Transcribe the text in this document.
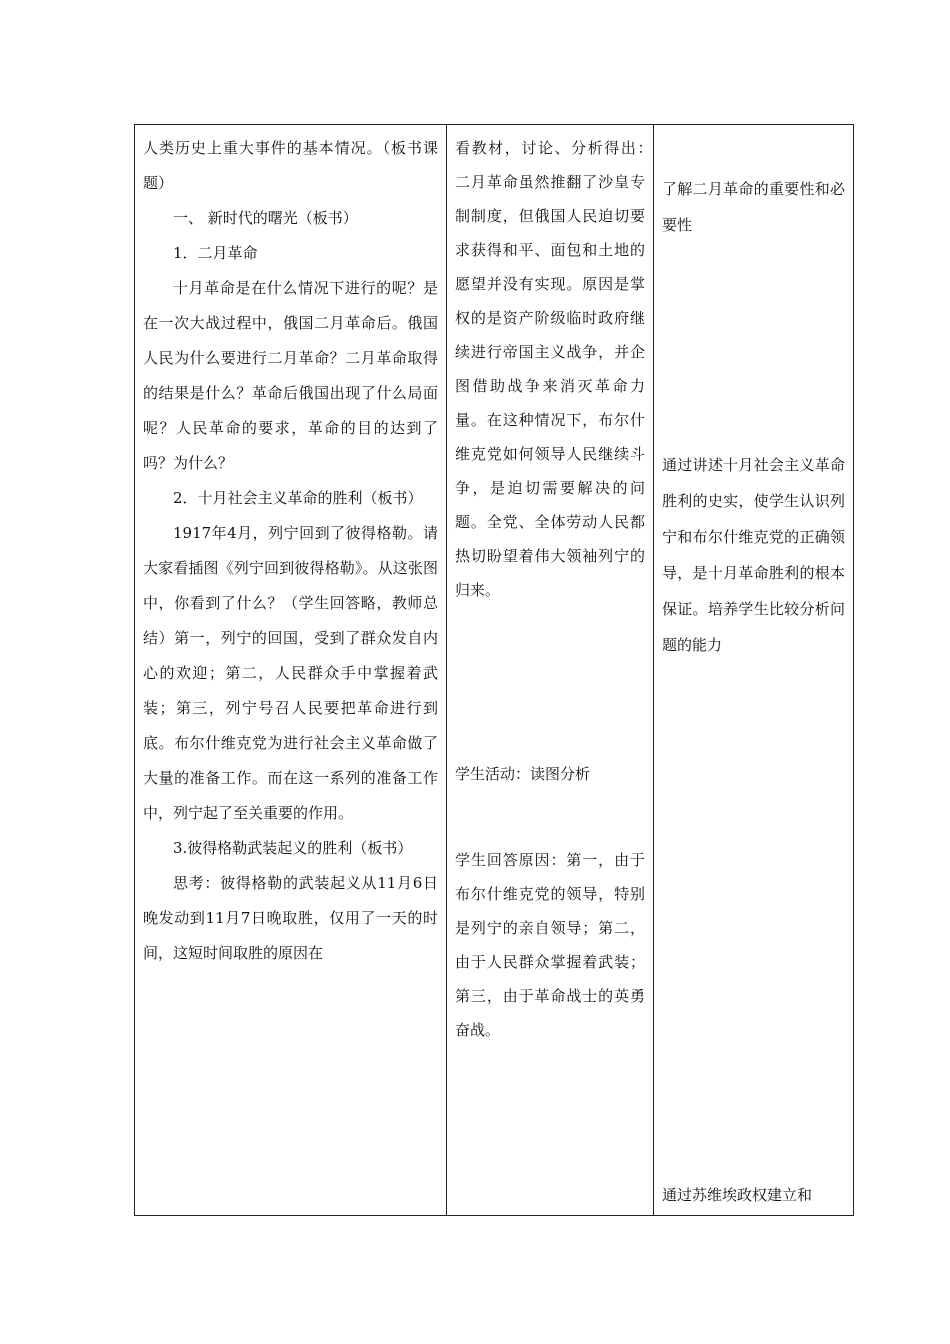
人类历史上重大事件的基本情况。（板书课题）

一、 新时代的曙光（板书）

1．二月革命

十月革命是在什么情况下进行的呢？是在一次大战过程中，俄国二月革命后。俄国人民为什么要进行二月革命？二月革命取得的结果是什么？革命后俄国出现了什么局面呢？人民革命的要求，革命的目的达到了吗？为什么？

2．十月社会主义革命的胜利（板书）

1917年4月，列宁回到了彼得格勒。请大家看插图《列宁回到彼得格勒》。从这张图中，你看到了什么？（学生回答略，教师总结）第一，列宁的回国，受到了群众发自内心的欢迎；第二，人民群众手中掌握着武装；第三，列宁号召人民要把革命进行到底。布尔什维克党为进行社会主义革命做了大量的准备工作。而在这一系列的准备工作中，列宁起了至关重要的作用。

3.彼得格勒武装起义的胜利（板书）

思考：彼得格勒的武装起义从11月6日晚发动到11月7日晚取胜，仅用了一天的时间，这短时间取胜的原因在

看教材，讨论、分析得出：　二月革命虽然推翻了沙皇专制制度，但俄国人民迫切要求获得和平、面包和土地的愿望并没有实现。原因是掌权的是资产阶级临时政府继续进行帝国主义战争，并企图借助战争来消灭革命力量。在这种情况下，布尔什维克党如何领导人民继续斗争，是迫切需要解决的问题。全党、全体劳动人民都热切盼望着伟大领袖列宁的归来。

学生活动：读图分析

学生回答原因：第一，由于布尔什维克党的领导，特别是列宁的亲自领导；第二，由于人民群众掌握着武装；第三，由于革命战士的英勇奋战。

了解二月革命的重要性和必要性

通过讲述十月社会主义革命胜利的史实，使学生认识列宁和布尔什维克党的正确领导，是十月革命胜利的根本保证。培养学生比较分析问题的能力

通过苏维埃政权建立和
